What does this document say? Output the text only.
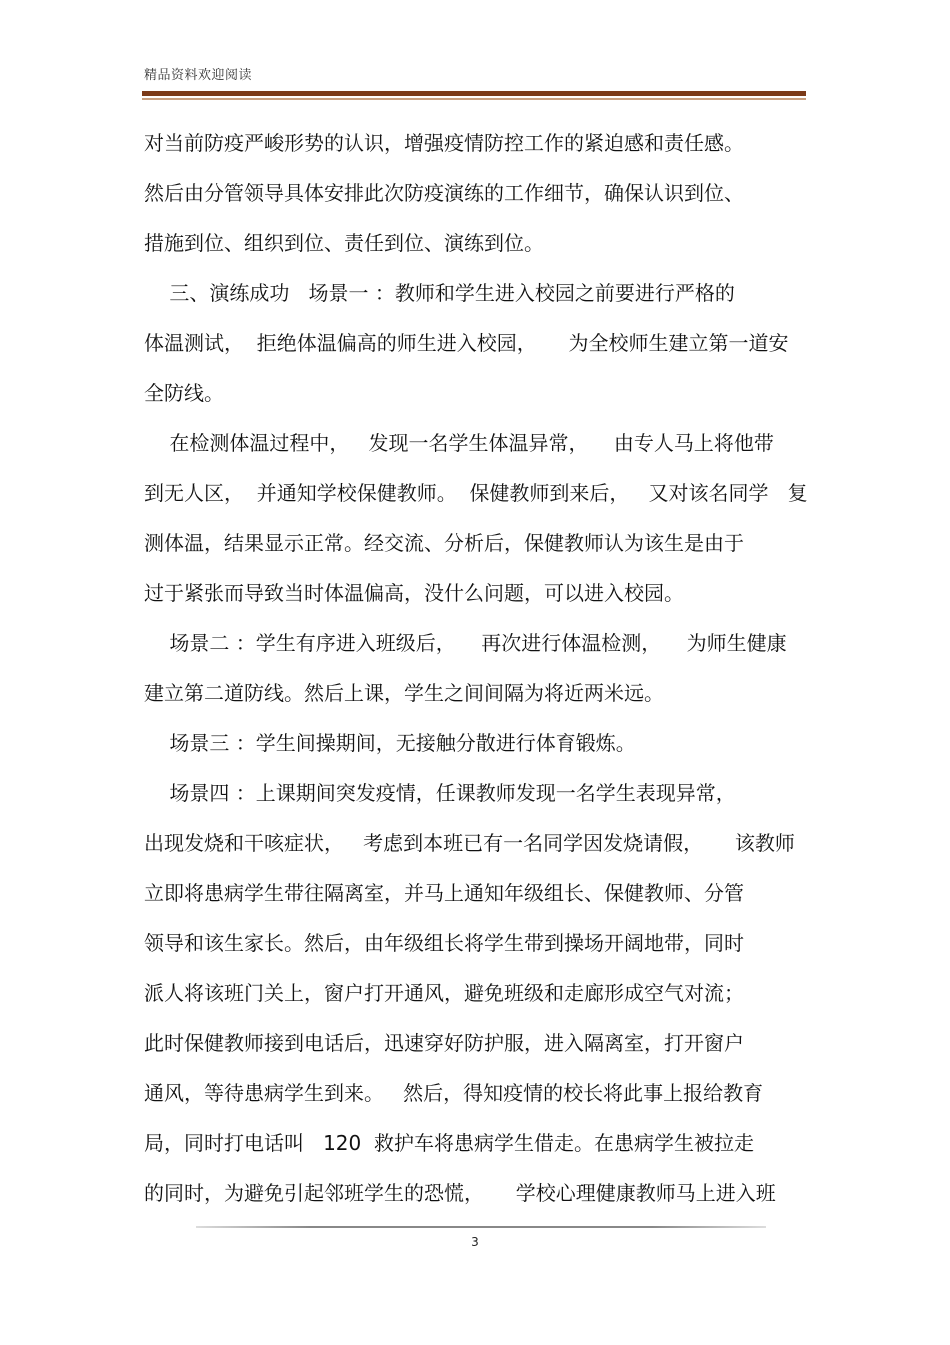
精品资料欢迎阅读
对当前防疫严峻形势的认识，增强疫情防控工作的紧迫感和责任感。
然后由分管领导具体安排此次防疫演练的工作细节，确保认识到位、
措施到位、组织到位、责任到位、演练到位。
三、演练成功   场景一 ：教师和学生进入校园之前要进行严格的
体温测试，  拒绝体温偏高的师生进入校园，     为全校师生建立第一道安
全防线。
在检测体温过程中，   发现一名学生体温异常，    由专人马上将他带
到无人区，  并通知学校保健教师。  保健教师到来后，   又对该名同学   复
测体温，结果显示正常。经交流、分析后，保健教师认为该生是由于
过于紧张而导致当时体温偏高，没什么问题，可以进入校园。
场景二 ：学生有序进入班级后，    再次进行体温检测，    为师生健康
建立第二道防线。然后上课，学生之间间隔为将近两米远。
场景三 ：学生间操期间，无接触分散进行体育锻炼。
场景四 ：上课期间突发疫情，任课教师发现一名学生表现异常，
出现发烧和干咳症状，   考虑到本班已有一名同学因发烧请假，     该教师
立即将患病学生带往隔离室，并马上通知年级组长、保健教师、分管
领导和该生家长。然后，由年级组长将学生带到操场开阔地带，同时
派人将该班门关上，窗户打开通风，避免班级和走廊形成空气对流；
此时保健教师接到电话后，迅速穿好防护服，进入隔离室，打开窗户
通风，等待患病学生到来。   然后，得知疫情的校长将此事上报给教育
局，同时打电话叫   120  救护车将患病学生借走。在患病学生被拉走
的同时，为避免引起邻班学生的恐慌，     学校心理健康教师马上进入班
3
